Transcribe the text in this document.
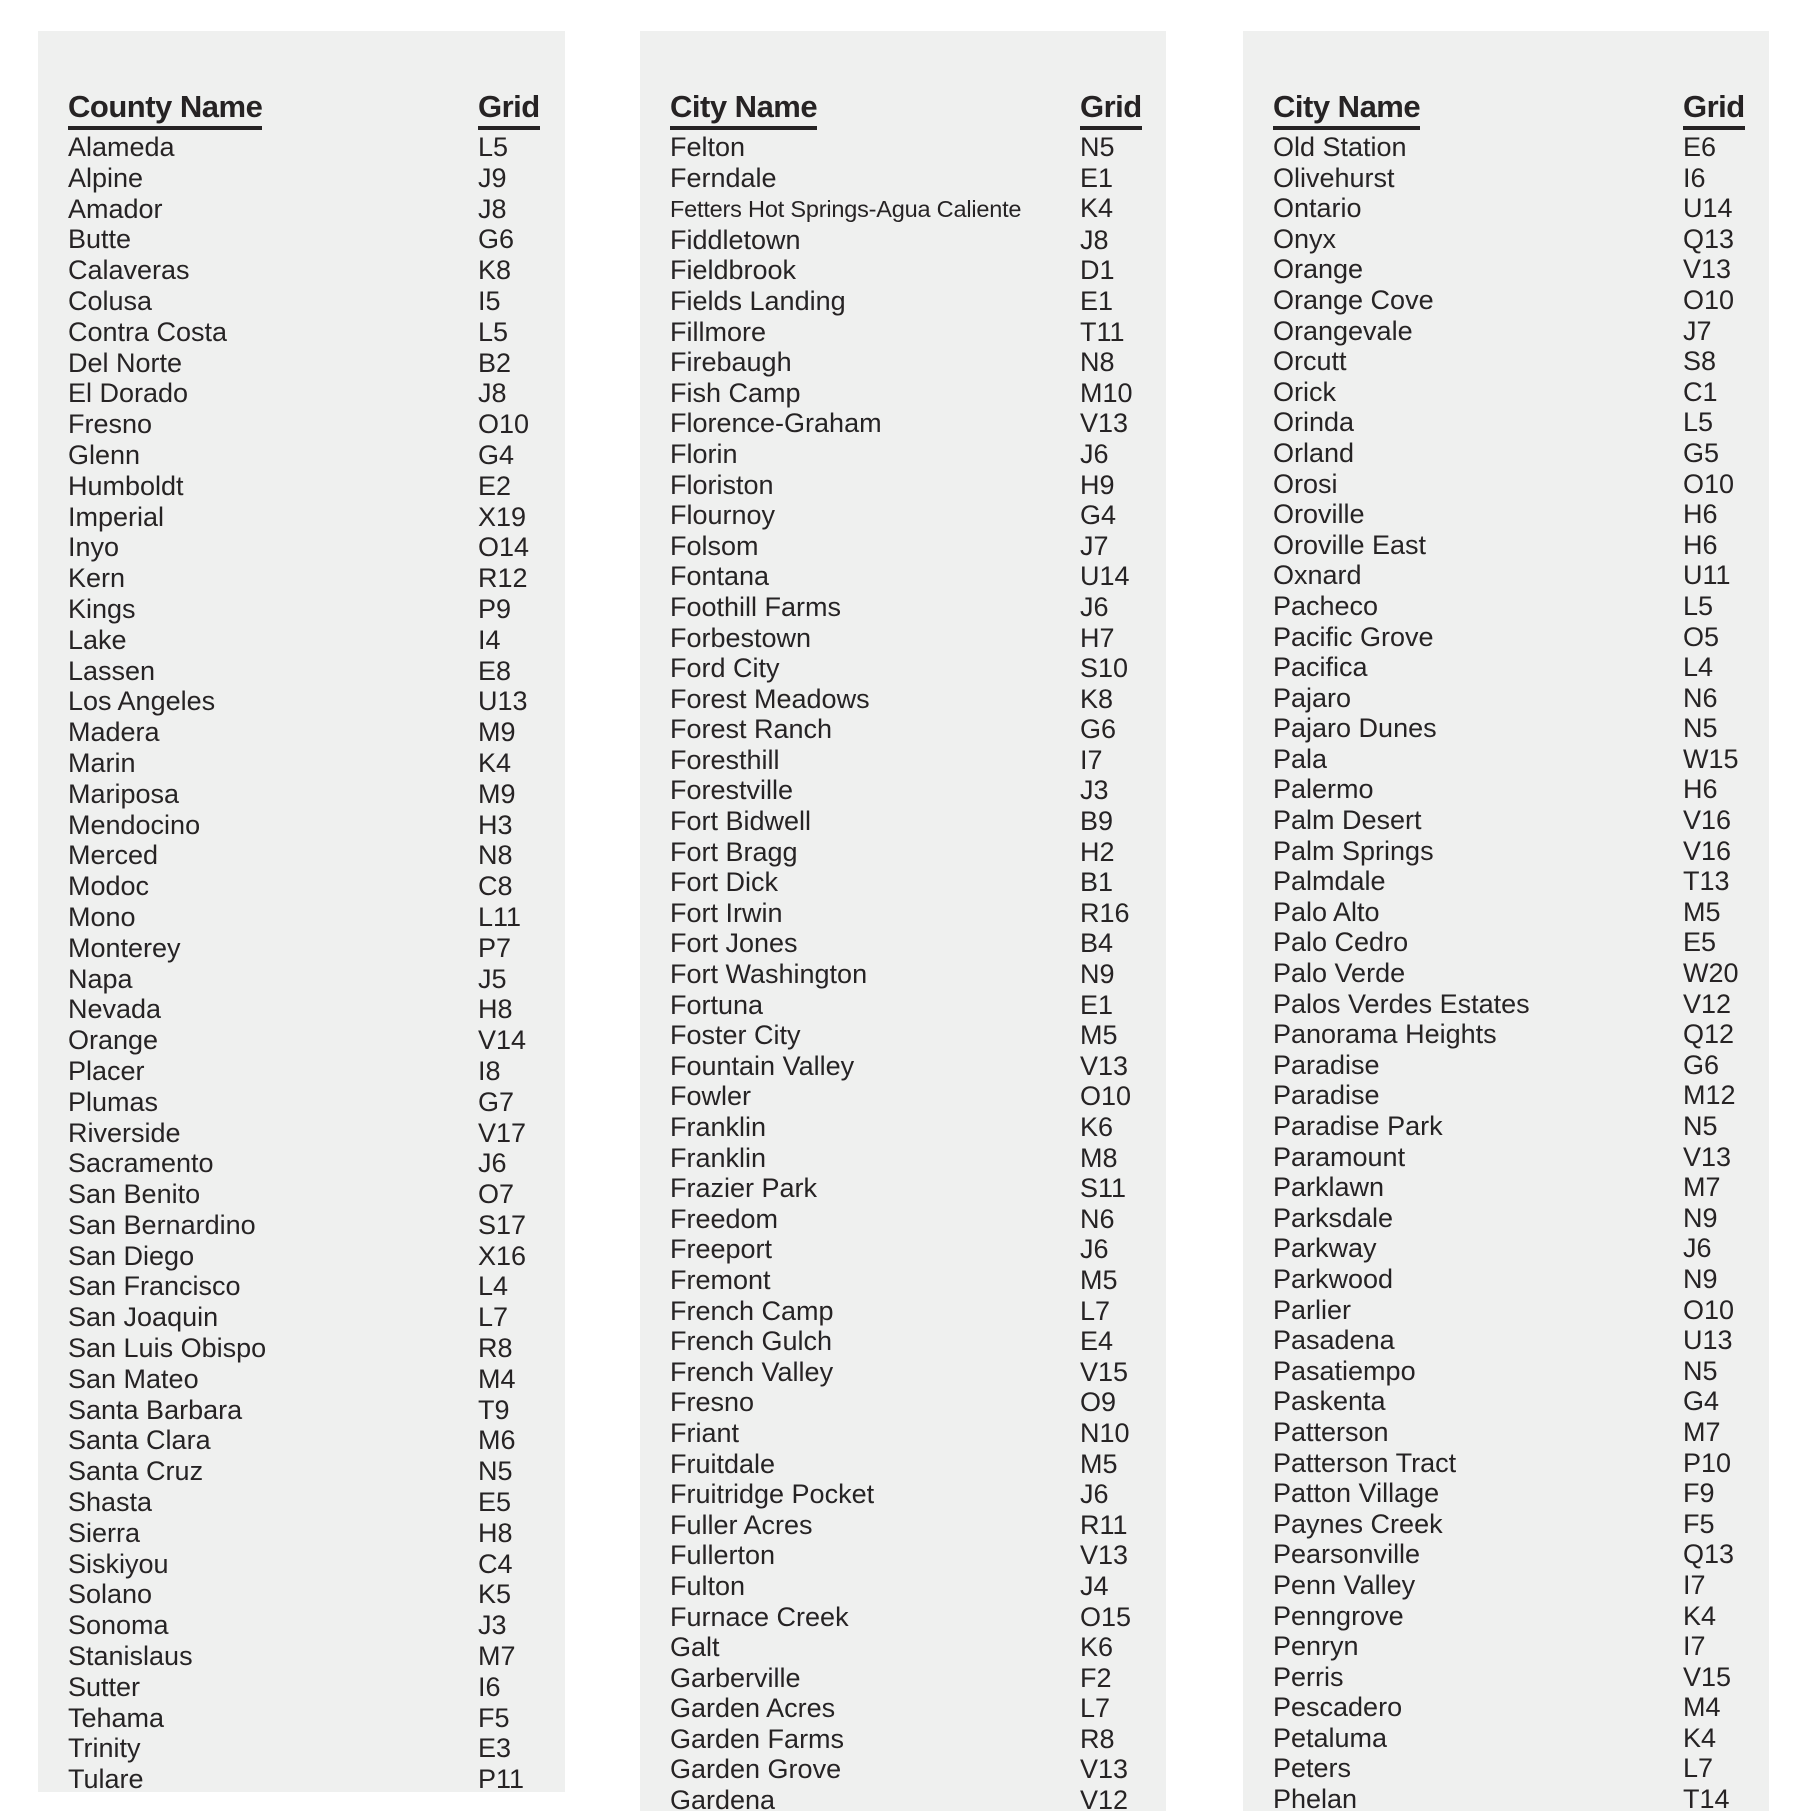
County Name	Grid
Alameda	L5
Alpine	J9
Amador	J8
Butte	G6
Calaveras	K8
Colusa	I5
Contra Costa	L5
Del Norte	B2
El Dorado	J8
Fresno	O10
Glenn	G4
Humboldt	E2
Imperial	X19
Inyo	O14
Kern	R12
Kings	P9
Lake	I4
Lassen	E8
Los Angeles	U13
Madera	M9
Marin	K4
Mariposa	M9
Mendocino	H3
Merced	N8
Modoc	C8
Mono	L11
Monterey	P7
Napa	J5
Nevada	H8
Orange	V14
Placer	I8
Plumas	G7
Riverside	V17
Sacramento	J6
San Benito	O7
San Bernardino	S17
San Diego	X16
San Francisco	L4
San Joaquin	L7
San Luis Obispo	R8
San Mateo	M4
Santa Barbara	T9
Santa Clara	M6
Santa Cruz	N5
Shasta	E5
Sierra	H8
Siskiyou	C4
Solano	K5
Sonoma	J3
Stanislaus	M7
Sutter	I6
Tehama	F5
Trinity	E3
Tulare	P11
City Name	Grid
Felton	N5
Ferndale	E1
Fetters Hot Springs-Agua Caliente K4
Fiddletown	J8
Fieldbrook	D1
Fields Landing	E1
Fillmore	T11
Firebaugh	N8
Fish Camp	M10
Florence-Graham	V13
Florin	J6
Floriston	H9
Flournoy	G4
Folsom	J7
Fontana	U14
Foothill Farms	J6
Forbestown	H7
Ford City	S10
Forest Meadows	K8
Forest Ranch	G6
Foresthill	I7
Forestville	J3
Fort Bidwell	B9
Fort Bragg	H2
Fort Dick	B1
Fort Irwin	R16
Fort Jones	B4
Fort Washington	N9
Fortuna	E1
Foster City	M5
Fountain Valley	V13
Fowler	O10
Franklin	K6
Franklin	M8
Frazier Park	S11
Freedom	N6
Freeport	J6
Fremont	M5
French Camp	L7
French Gulch	E4
French Valley	V15
Fresno	O9
Friant	N10
Fruitdale	M5
Fruitridge Pocket	J6
Fuller Acres	R11
Fullerton	V13
Fulton	J4
Furnace Creek	O15
Galt	K6
Garberville	F2
Garden Acres	L7
Garden Farms	R8
Garden Grove	V13
Gardena	V12
City Name	Grid
Old Station	E6
Olivehurst	I6
Ontario	U14
Onyx	Q13
Orange	V13
Orange Cove	O10
Orangevale	J7
Orcutt	S8
Orick	C1
Orinda	L5
Orland	G5
Orosi	O10
Oroville	H6
Oroville East	H6
Oxnard	U11
Pacheco	L5
Pacific Grove	O5
Pacifica	L4
Pajaro	N6
Pajaro Dunes	N5
Pala	W15
Palermo	H6
Palm Desert	V16
Palm Springs	V16
Palmdale	T13
Palo Alto	M5
Palo Cedro	E5
Palo Verde	W20
Palos Verdes Estates	V12
Panorama Heights	Q12
Paradise	G6
Paradise	M12
Paradise Park	N5
Paramount	V13
Parklawn	M7
Parksdale	N9
Parkway	J6
Parkwood	N9
Parlier	O10
Pasadena	U13
Pasatiempo	N5
Paskenta	G4
Patterson	M7
Patterson Tract	P10
Patton Village	F9
Paynes Creek	F5
Pearsonville	Q13
Penn Valley	I7
Penngrove	K4
Penryn	I7
Perris	V15
Pescadero	M4
Petaluma	K4
Peters	L7
Phelan	T14
